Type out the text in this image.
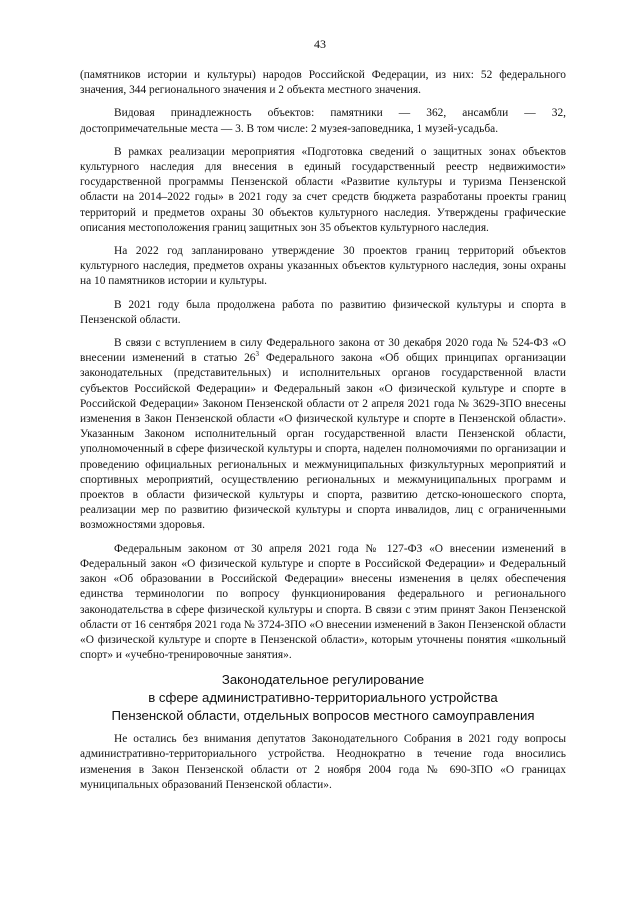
43

(памятников истории и культуры) народов Российской Федерации, из них: 52 федерального значения, 344 регионального значения и 2 объекта местного значения.

Видовая принадлежность объектов: памятники — 362, ансамбли — 32, достопримечательные места — 3. В том числе: 2 музея-заповедника, 1 музей-усадьба.

В рамках реализации мероприятия «Подготовка сведений о защитных зонах объектов культурного наследия для внесения в единый государственный реестр недвижимости» государственной программы Пензенской области «Развитие культуры и туризма Пензенской области на 2014–2022 годы» в 2021 году за счет средств бюджета разработаны проекты границ территорий и предметов охраны 30 объектов культурного наследия. Утверждены графические описания местоположения границ защитных зон 35 объектов культурного наследия.

На 2022 год запланировано утверждение 30 проектов границ территорий объектов культурного наследия, предметов охраны указанных объектов культурного наследия, зоны охраны на 10 памятников истории и культуры.

В 2021 году была продолжена работа по развитию физической культуры и спорта в Пензенской области.

В связи с вступлением в силу Федерального закона от 30 декабря 2020 года № 524-ФЗ «О внесении изменений в статью $26^3$ Федерального закона «Об общих принципах организации законодательных (представительных) и исполнительных органов государственной власти субъектов Российской Федерации» и Федеральный закон «О физической культуре и спорте в Российской Федерации» Законом Пензенской области от 2 апреля 2021 года № 3629-ЗПО внесены изменения в Закон Пензенской области «О физической культуре и спорте в Пензенской области». Указанным Законом исполнительный орган государственной власти Пензенской области, уполномоченный в сфере физической культуры и спорта, наделен полномочиями по организации и проведению официальных региональных и межмуниципальных физкультурных мероприятий и спортивных мероприятий, осуществлению региональных и межмуниципальных программ и проектов в области физической культуры и спорта, развитию детско-юношеского спорта, реализации мер по развитию физической культуры и спорта инвалидов, лиц с ограниченными возможностями здоровья.

Федеральным законом от 30 апреля 2021 года № 127-ФЗ «О внесении изменений в Федеральный закон «О физической культуре и спорте в Российской Федерации» и Федеральный закон «Об образовании в Российской Федерации» внесены изменения в целях обеспечения единства терминологии по вопросу функционирования федерального и регионального законодательства в сфере физической культуры и спорта. В связи с этим принят Закон Пензенской области от 16 сентября 2021 года № 3724-ЗПО «О внесении изменений в Закон Пензенской области «О физической культуре и спорте в Пензенской области», которым уточнены понятия «школьный спорт» и «учебно-тренировочные занятия».

Законодательное регулирование
в сфере административно-территориального устройства
Пензенской области, отдельных вопросов местного самоуправления

Не остались без внимания депутатов Законодательного Собрания в 2021 году вопросы административно-территориального устройства. Неоднократно в течение года вносились изменения в Закон Пензенской области от 2 ноября 2004 года № 690-ЗПО «О границах муниципальных образований Пензенской области».
